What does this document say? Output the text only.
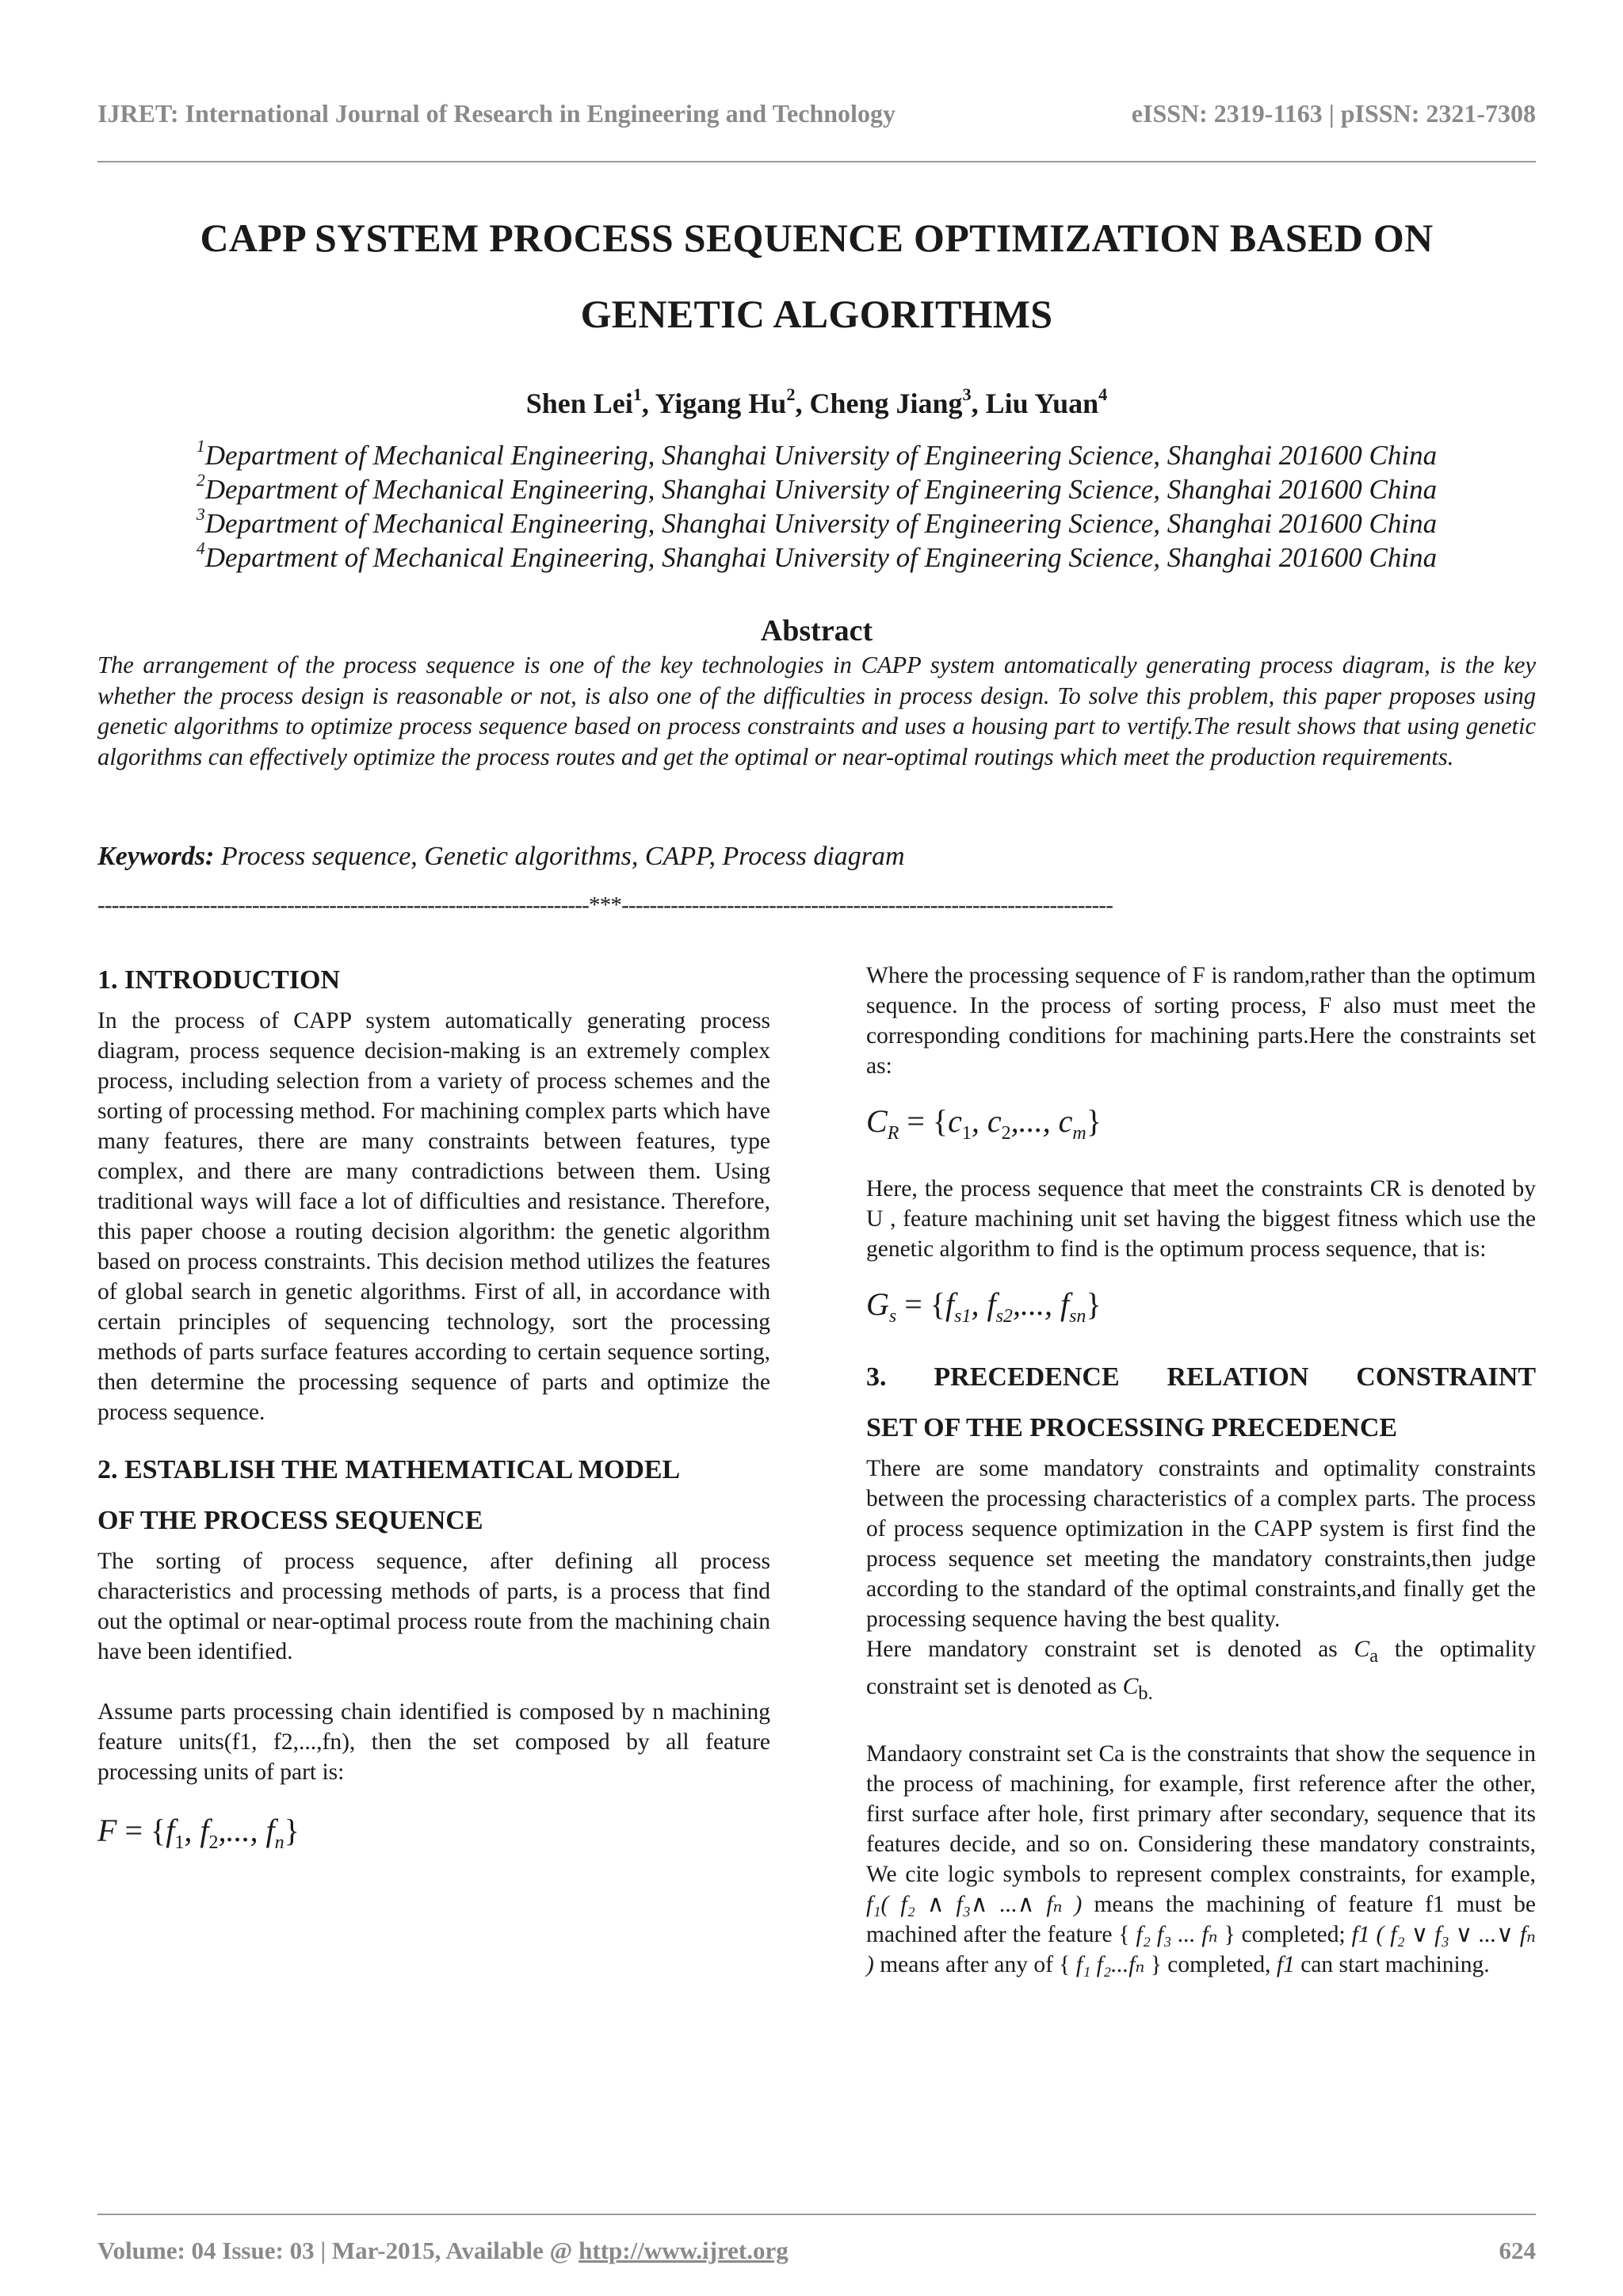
IJRET: International Journal of Research in Engineering and Technology	eISSN: 2319-1163 | pISSN: 2321-7308
CAPP SYSTEM PROCESS SEQUENCE OPTIMIZATION BASED ON
GENETIC ALGORITHMS
Shen Lei$^1$, Yigang Hu$^2$, Cheng Jiang$^3$, Liu Yuan$^4$
$^1$Department of Mechanical Engineering, Shanghai University of Engineering Science, Shanghai 201600 China
$^2$Department of Mechanical Engineering, Shanghai University of Engineering Science, Shanghai 201600 China
$^3$Department of Mechanical Engineering, Shanghai University of Engineering Science, Shanghai 201600 China
$^4$Department of Mechanical Engineering, Shanghai University of Engineering Science, Shanghai 201600 China
Abstract
The arrangement of the process sequence is one of the key technologies in CAPP system antomatically generating process diagram, is the key whether the process design is reasonable or not, is also one of the difficulties in process design. To solve this problem, this paper proposes using genetic algorithms to optimize process sequence based on process constraints and uses a housing part to vertify.The result shows that using genetic algorithms can effectively optimize the process routes and get the optimal or near-optimal routings which meet the production requirements.
Keywords: Process sequence, Genetic algorithms, CAPP, Process diagram
----------------------------------------------------------------------***----------------------------------------------------------------------
1. INTRODUCTION

In the process of CAPP system automatically generating process diagram, process sequence decision-making is an extremely complex process, including selection from a variety of process schemes and the sorting of processing method. For machining complex parts which have many features, there are many constraints between features, type complex, and there are many contradictions between them. Using traditional ways will face a lot of difficulties and resistance. Therefore, this paper choose a routing decision algorithm: the genetic algorithm based on process constraints. This decision method utilizes the features of global search in genetic algorithms. First of all, in accordance with certain principles of sequencing technology, sort the processing methods of parts surface features according to certain sequence sorting, then determine the processing sequence of parts and optimize the process sequence.

2. ESTABLISH THE MATHEMATICAL MODEL
OF THE PROCESS SEQUENCE

The sorting of process sequence, after defining all process characteristics and processing methods of parts, is a process that find out the optimal or near-optimal process route from the machining chain have been identified.

Assume parts processing chain identified is composed by n machining feature units(f1, f2,...,fn), then the set composed by all feature processing units of part is:

$F = \{f_1$, $f_2$,..., $f_n$}

Where the processing sequence of F is random,rather than the optimum sequence. In the process of sorting process, F also must meet the corresponding conditions for machining parts.Here the constraints set as:

$C_R = \{c_1$, $c_2$,..., $c_m$}

Here, the process sequence that meet the constraints CR is denoted by U , feature machining unit set having the biggest fitness which use the genetic algorithm to find is the optimum process sequence, that is:

$G_s = \{f_{s1}$, $f_{s2}$,..., $f_{sn}$}
3. PRECEDENCE RELATION CONSTRAINT
SET OF THE PROCESSING PRECEDENCE

There are some mandatory constraints and optimality constraints between the processing characteristics of a complex parts. The process of process sequence optimization in the CAPP system is first find the process sequence set meeting the mandatory constraints,then judge according to the standard of the optimal constraints,and finally get the processing sequence having the best quality.

Here mandatory constraint set is denoted as $C_a$ the optimality constraint set is denoted as $C_{b.}$

Mandaory constraint set Ca is the constraints that show the sequence in the process of machining, for example, first reference after the other, first surface after hole, first primary after secondary, sequence that its features decide, and so on. Considering these mandatory constraints, We cite logic symbols to represent complex constraints, for example, f₁( f₂ ∧ f₃∧ ...∧ fₙ ) means the machining of feature f1 must be machined after the feature { f₂ f₃ ... fₙ } completed; f1 ( f₂ ∨ f₃ ∨ ...∨ fₙ ) means after any of { f₁ f₂...fₙ } completed, f1 can start machining.

Volume: 04 Issue: 03 | Mar-2015, Available @ http://www.ijret.org	624
